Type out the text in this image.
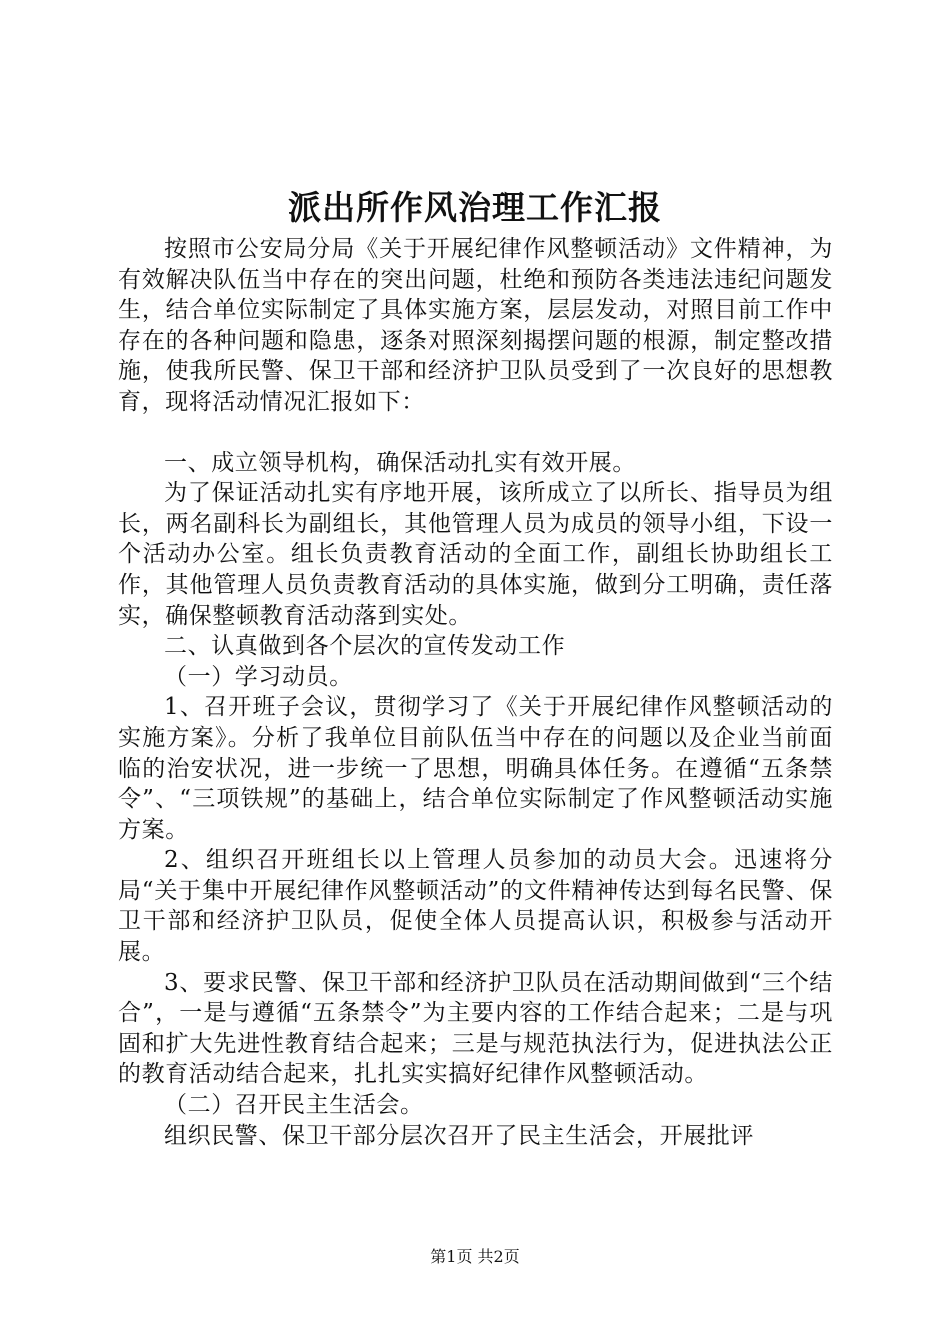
派出所作风治理工作汇报

按照市公安局分局《关于开展纪律作风整顿活动》文件精神，为有效解决队伍当中存在的突出问题，杜绝和预防各类违法违纪问题发生，结合单位实际制定了具体实施方案，层层发动，对照目前工作中存在的各种问题和隐患，逐条对照深刻揭摆问题的根源，制定整改措施，使我所民警、保卫干部和经济护卫队员受到了一次良好的思想教育，现将活动情况汇报如下：

一、成立领导机构，确保活动扎实有效开展。

为了保证活动扎实有序地开展，该所成立了以所长、指导员为组长，两名副科长为副组长，其他管理人员为成员的领导小组，下设一个活动办公室。组长负责教育活动的全面工作，副组长协助组长工作，其他管理人员负责教育活动的具体实施，做到分工明确，责任落实，确保整顿教育活动落到实处。

二、认真做到各个层次的宣传发动工作

（一）学习动员。

1、召开班子会议，贯彻学习了《关于开展纪律作风整顿活动的实施方案》。分析了我单位目前队伍当中存在的问题以及企业当前面临的治安状况，进一步统一了思想，明确具体任务。在遵循“五条禁令”、“三项铁规”的基础上，结合单位实际制定了作风整顿活动实施方案。

2、组织召开班组长以上管理人员参加的动员大会。迅速将分局“关于集中开展纪律作风整顿活动”的文件精神传达到每名民警、保卫干部和经济护卫队员，促使全体人员提高认识，积极参与活动开展。

3、要求民警、保卫干部和经济护卫队员在活动期间做到“三个结合”，一是与遵循“五条禁令”为主要内容的工作结合起来；二是与巩固和扩大先进性教育结合起来；三是与规范执法行为，促进执法公正的教育活动结合起来，扎扎实实搞好纪律作风整顿活动。

（二）召开民主生活会。

组织民警、保卫干部分层次召开了民主生活会，开展批评

第1页 共2页
